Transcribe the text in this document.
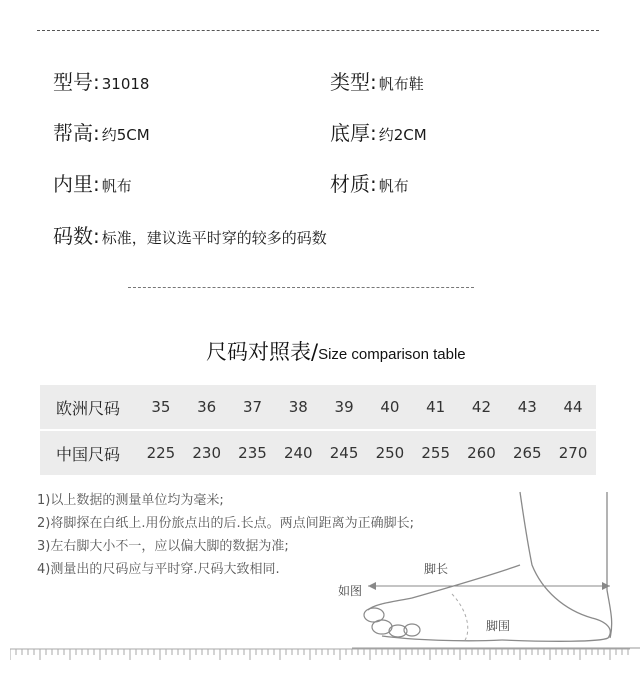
型号: 31018	类型: 帆布鞋
帮高: 约5CM	底厚: 约2CM
内里: 帆布	材质: 帆布
码数: 标准，建议选平时穿的较多的码数
尺码对照表/ Size comparison table
欧洲尺码	35	36	37	38	39	40	41	42	43	44
中国尺码	225	230	235	240	245	250	255	260	265	270

1)以上数据的测量单位均为毫米;

2)将脚探在白纸上.用份旅点出的后.长点。两点间距离为正确脚长;

3)左右脚大小不一，应以偏大脚的数据为准;

4)测量出的尺码应与平时穿.尺码大致相同.	脚长
如图
脚围
